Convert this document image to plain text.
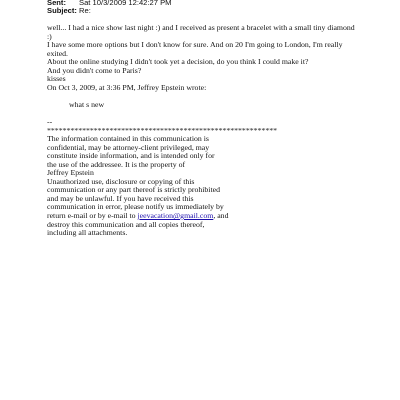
Sent: Sat 10/3/2009 12:42:27 PM
Subject: Re:

well... I had a nice show last night :) and I received as present a bracelet with a small tiny diamond

:)

I have some more options but I don't know for sure. And on 20 I'm going to London, I'm really

exited.

About the online studying I didn't took yet a decision, do you think I could make it?

And you didn't come to Paris?

kisses

On Oct 3, 2009, at 3:36 PM, Jeffrey Epstein wrote:

what s new

--

***********************************************************

The information contained in this communication is

confidential, may be attorney-client privileged, may

constitute inside information, and is intended only for

the use of the addressee. It is the property of

Jeffrey Epstein

Unauthorized use, disclosure or copying of this

communication or any part thereof is strictly prohibited

and may be unlawful. If you have received this

communication in error, please notify us immediately by

return e-mail or by e-mail to jeevacation@gmail.com, and

destroy this communication and all copies thereof,

including all attachments.
